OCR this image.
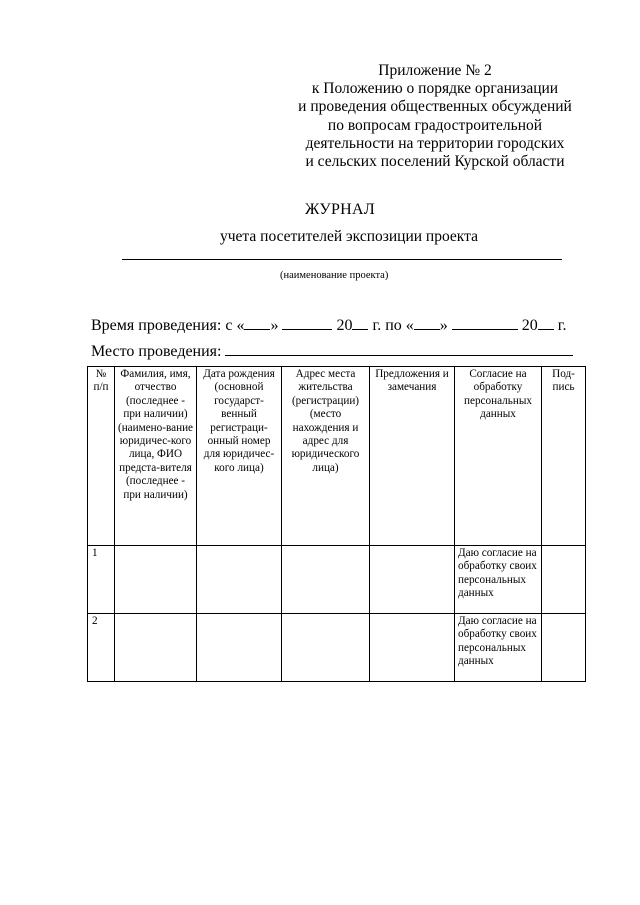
Приложение № 2
к Положению о порядке организации
и проведения общественных обсуждений
по вопросам градостроительной
деятельности на территории городских
и сельских поселений Курской области
ЖУРНАЛ
учета посетителей экспозиции проекта
(наименование проекта)
Время проведения: с « »	20 г. по « »	20 г.
Место проведения:
№ п/п	Фамилия, имя, отчество (последнее - при наличии) (наимено-вание юридичес-кого лица, ФИО предста-вителя (последнее - при наличии)	Дата рождения (основной государст-венный регистраци-онный номер для юридичес-кого лица)	Адрес места жительства (регистрации) (место нахождения и адрес для юридического лица)	Предложения и замечания	Согласие на обработку персональных данных	Под-пись
1					Даю согласие на обработку своих персональных данных	
2					Даю согласие на обработку своих персональных данных	
